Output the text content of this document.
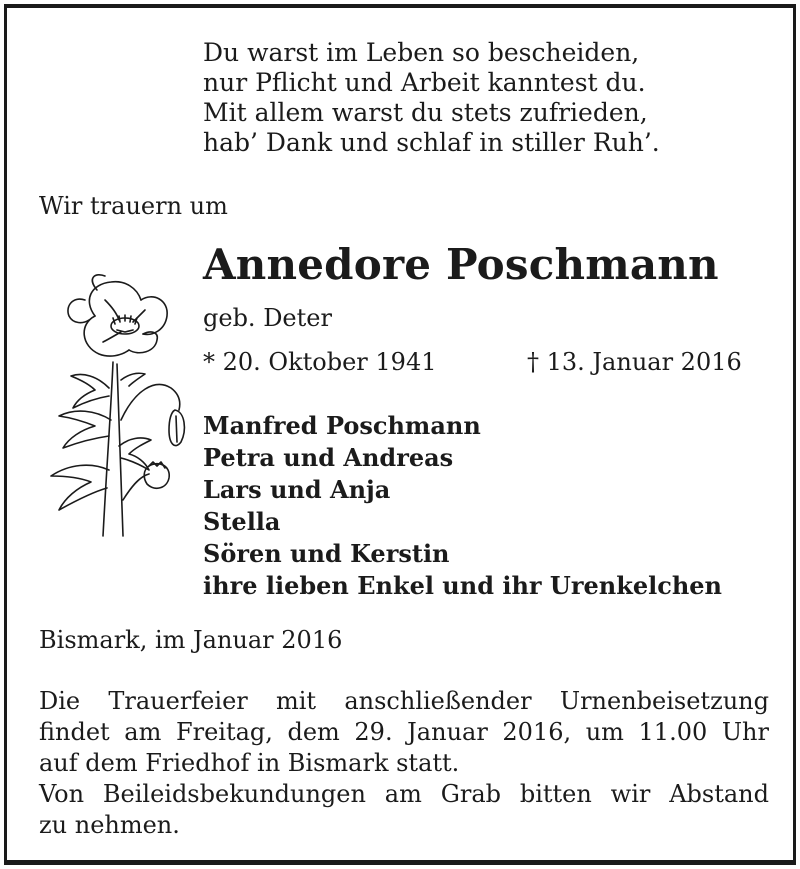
Du warst im Leben so bescheiden,
nur Pflicht und Arbeit kanntest du.
Mit allem warst du stets zufrieden,
hab’ Dank und schlaf in stiller Ruh’.
Wir trauern um
Annedore Poschmann
geb. Deter
* 20. Oktober 1941	† 13. Januar 2016
Manfred Poschmann
Petra und Andreas
Lars und Anja
Stella
Sören und Kerstin
ihre lieben Enkel und ihr Urenkelchen
Bismark, im Januar 2016
Die Trauerfeier mit anschließender Urnenbeisetzung
findet am Freitag, dem 29. Januar 2016, um 11.00 Uhr
auf dem Friedhof in Bismark statt.
Von Beileidsbekundungen am Grab bitten wir Abstand
zu nehmen.
